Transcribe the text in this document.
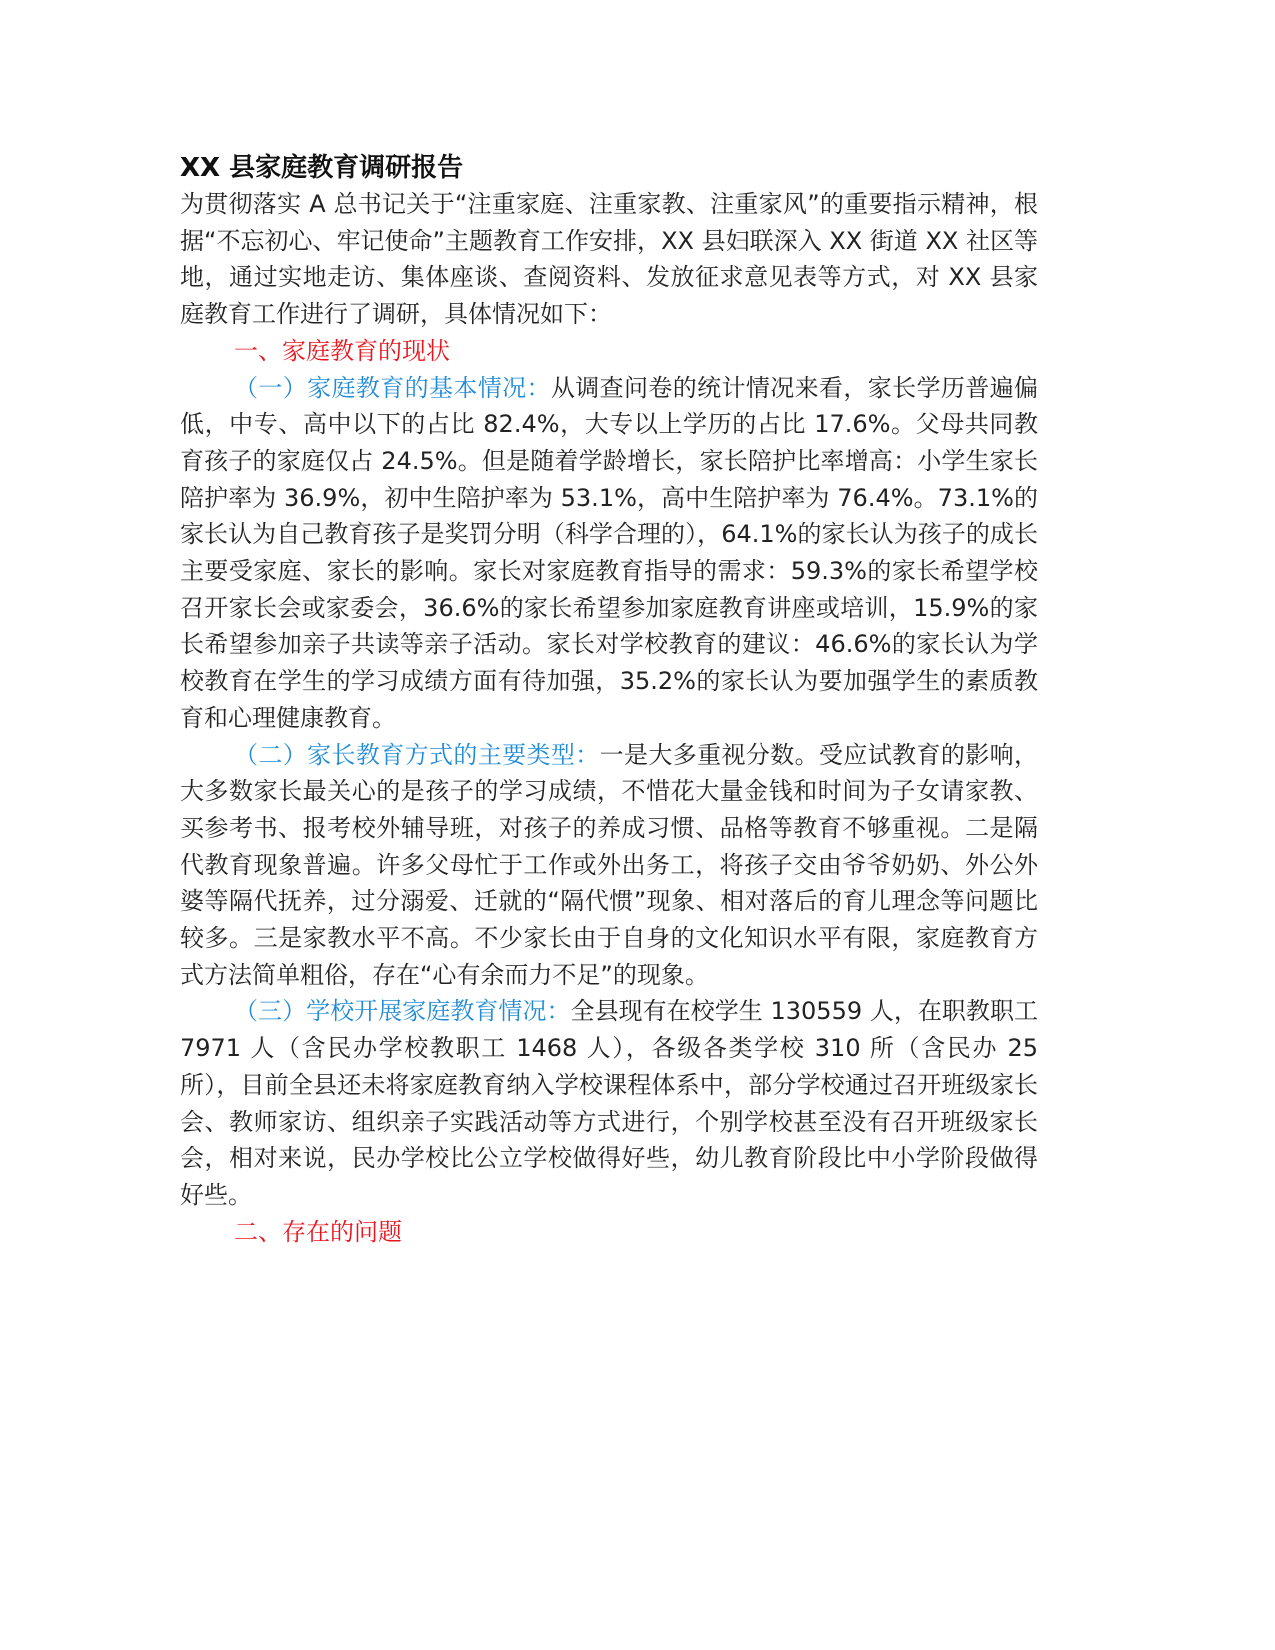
XX 县家庭教育调研报告

为贯彻落实 A 总书记关于“注重家庭、注重家教、注重家风”的重要指示精神，根据“不忘初心、牢记使命”主题教育工作安排，XX 县妇联深入 XX 街道 XX 社区等地，通过实地走访、集体座谈、查阅资料、发放征求意见表等方式，对 XX 县家庭教育工作进行了调研，具体情况如下：

一、家庭教育的现状

（一）家庭教育的基本情况：从调查问卷的统计情况来看，家长学历普遍偏低，中专、高中以下的占比 82.4%，大专以上学历的占比 17.6%。父母共同教育孩子的家庭仅占 24.5%。但是随着学龄增长，家长陪护比率增高：小学生家长陪护率为 36.9%，初中生陪护率为 53.1%，高中生陪护率为 76.4%。73.1%的家长认为自己教育孩子是奖罚分明（科学合理的），64.1%的家长认为孩子的成长主要受家庭、家长的影响。家长对家庭教育指导的需求：59.3%的家长希望学校召开家长会或家委会，36.6%的家长希望参加家庭教育讲座或培训，15.9%的家长希望参加亲子共读等亲子活动。家长对学校教育的建议：46.6%的家长认为学校教育在学生的学习成绩方面有待加强，35.2%的家长认为要加强学生的素质教育和心理健康教育。

（二）家长教育方式的主要类型：一是大多重视分数。受应试教育的影响，大多数家长最关心的是孩子的学习成绩，不惜花大量金钱和时间为子女请家教、买参考书、报考校外辅导班，对孩子的养成习惯、品格等教育不够重视。二是隔代教育现象普遍。许多父母忙于工作或外出务工，将孩子交由爷爷奶奶、外公外婆等隔代抚养，过分溺爱、迁就的“隔代惯”现象、相对落后的育儿理念等问题比较多。三是家教水平不高。不少家长由于自身的文化知识水平有限，家庭教育方式方法简单粗俗，存在“心有余而力不足”的现象。

（三）学校开展家庭教育情况：全县现有在校学生 130559 人，在职教职工 7971 人（含民办学校教职工 1468 人），各级各类学校 310 所（含民办 25 所），目前全县还未将家庭教育纳入学校课程体系中，部分学校通过召开班级家长会、教师家访、组织亲子实践活动等方式进行，个别学校甚至没有召开班级家长会，相对来说，民办学校比公立学校做得好些，幼儿教育阶段比中小学阶段做得好些。

二、存在的问题
